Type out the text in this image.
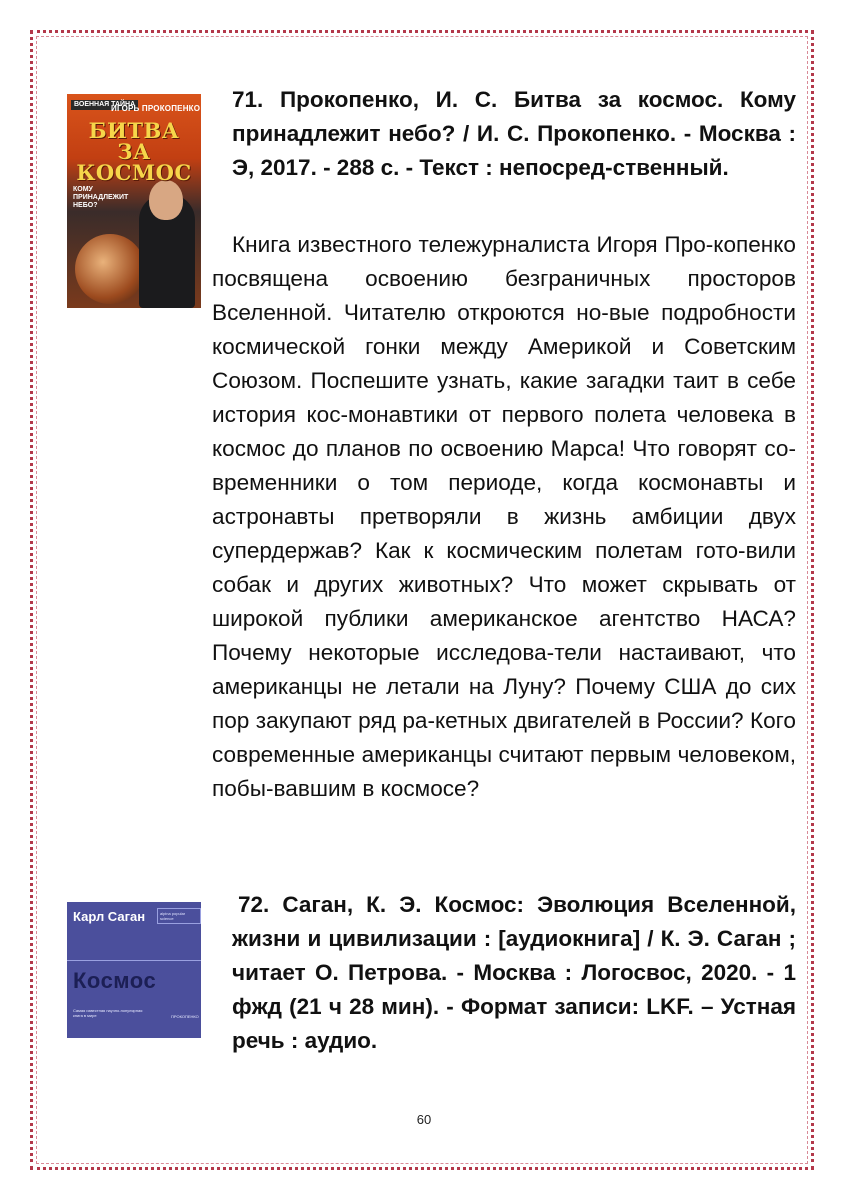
ВОЕННАЯ ТАЙНА
ИГОРЬ ПРОКОПЕНКО
БИТВА ЗА КОСМОС
КОМУ ПРИНАДЛЕЖИТ НЕБО?
71. Прокопенко, И. С. Битва за космос. Кому принадлежит небо? / И. С. Прокопенко. - Москва : Э, 2017. - 288 с. - Текст : непосред-ственный.
Книга известного тележурналиста Игоря Про-копенко посвящена освоению безграничных просторов Вселенной. Читателю откроются но-вые подробности космической гонки между Америкой и Советским Союзом. Поспешите узнать, какие загадки таит в себе история кос-монавтики от первого полета человека в космос до планов по освоению Марса! Что говорят со-временники о том периоде, когда космонавты и астронавты претворяли в жизнь амбиции двух супердержав? Как к космическим полетам гото-вили собак и других животных? Что может скрывать от широкой публики американское агентство НАСА? Почему некоторые исследова-тели настаивают, что американцы не летали на Луну? Почему США до сих пор закупают ряд ра-кетных двигателей в России? Кого современные американцы считают первым человеком, побы-вавшим в космосе?
Карл Саган	alpina popular science
Космос
Самая известная научно-популярная книга в мире	ПРОКОПЕНКО
72. Саган, К. Э. Космос: Эволюция Вселенной, жизни и цивилизации : [аудиокнига] / К. Э. Саган ; читает О. Петрова. - Москва : Логосвос, 2020. - 1 фжд (21 ч 28 мин). - Формат записи: LKF. – Устная речь : аудио.
60
